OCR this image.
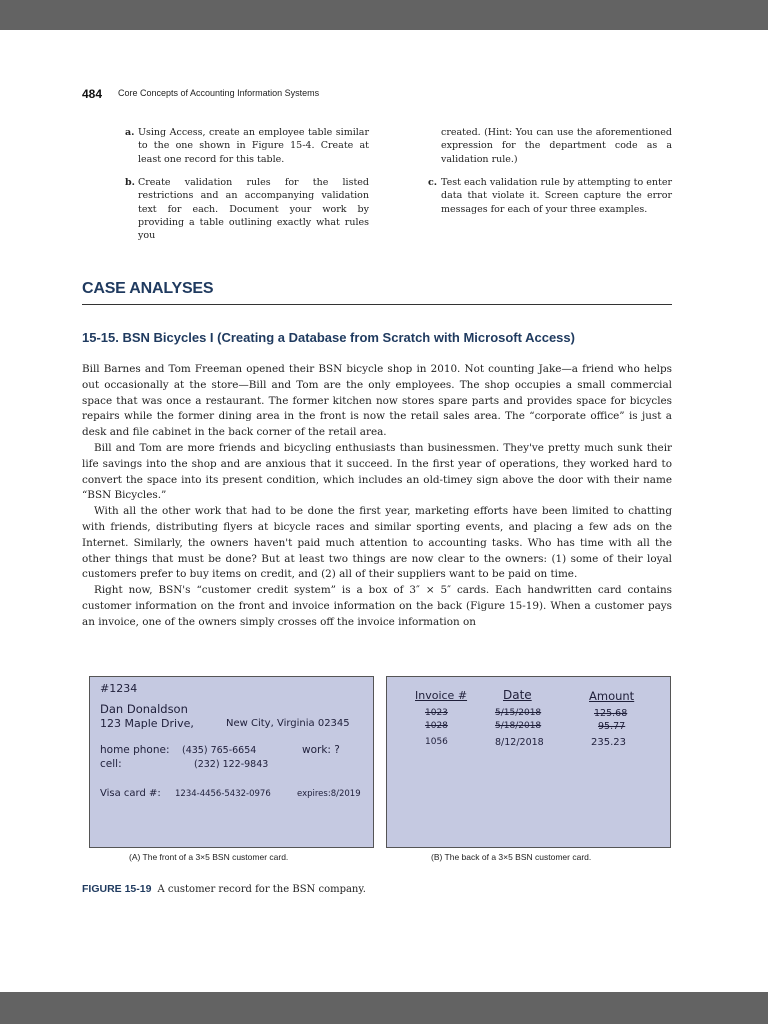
484 Core Concepts of Accounting Information Systems
a. Using Access, create an employee table similar to the one shown in Figure 15-4. Create at least one record for this table.
b. Create validation rules for the listed restrictions and an accompanying validation text for each. Document your work by providing a table outlining exactly what rules you
created. (Hint: You can use the aforementioned expression for the department code as a validation rule.)
c. Test each validation rule by attempting to enter data that violate it. Screen capture the error messages for each of your three examples.
CASE ANALYSES
15-15. BSN Bicycles I (Creating a Database from Scratch with Microsoft Access)

Bill Barnes and Tom Freeman opened their BSN bicycle shop in 2010. Not counting Jake—a friend who helps out occasionally at the store—Bill and Tom are the only employees. The shop occupies a small commercial space that was once a restaurant. The former kitchen now stores spare parts and provides space for bicycles repairs while the former dining area in the front is now the retail sales area. The “corporate office” is just a desk and file cabinet in the back corner of the retail area.

Bill and Tom are more friends and bicycling enthusiasts than businessmen. They've pretty much sunk their life savings into the shop and are anxious that it succeed. In the first year of operations, they worked hard to convert the space into its present condition, which includes an old-timey sign above the door with their name “BSN Bicycles.”

With all the other work that had to be done the first year, marketing efforts have been limited to chatting with friends, distributing flyers at bicycle races and similar sporting events, and placing a few ads on the Internet. Similarly, the owners haven't paid much attention to accounting tasks. Who has time with all the other things that must be done? But at least two things are now clear to the owners: (1) some of their loyal customers prefer to buy items on credit, and (2) all of their suppliers want to be paid on time.

Right now, BSN's “customer credit system” is a box of 3″ × 5″ cards. Each handwritten card contains customer information on the front and invoice information on the back (Figure 15-19). When a customer pays an invoice, one of the owners simply crosses off the invoice information on

#1234
Dan Donaldson
123 Maple Drive,	New City, Virginia 02345
home phone: (435) 765-6654	work: ?
cell:	(232) 122-9843
Visa card #: 1234-4456-5432-0976	expires:8/2019
Invoice #	Date	Amount
1023	5/15/2018	125.68
1028	5/18/2018	95.77
1056	8/12/2018	235.23
(A) The front of a 3×5 BSN customer card.	(B) The back of a 3×5 BSN customer card.
FIGURE 15-19 A customer record for the BSN company.
